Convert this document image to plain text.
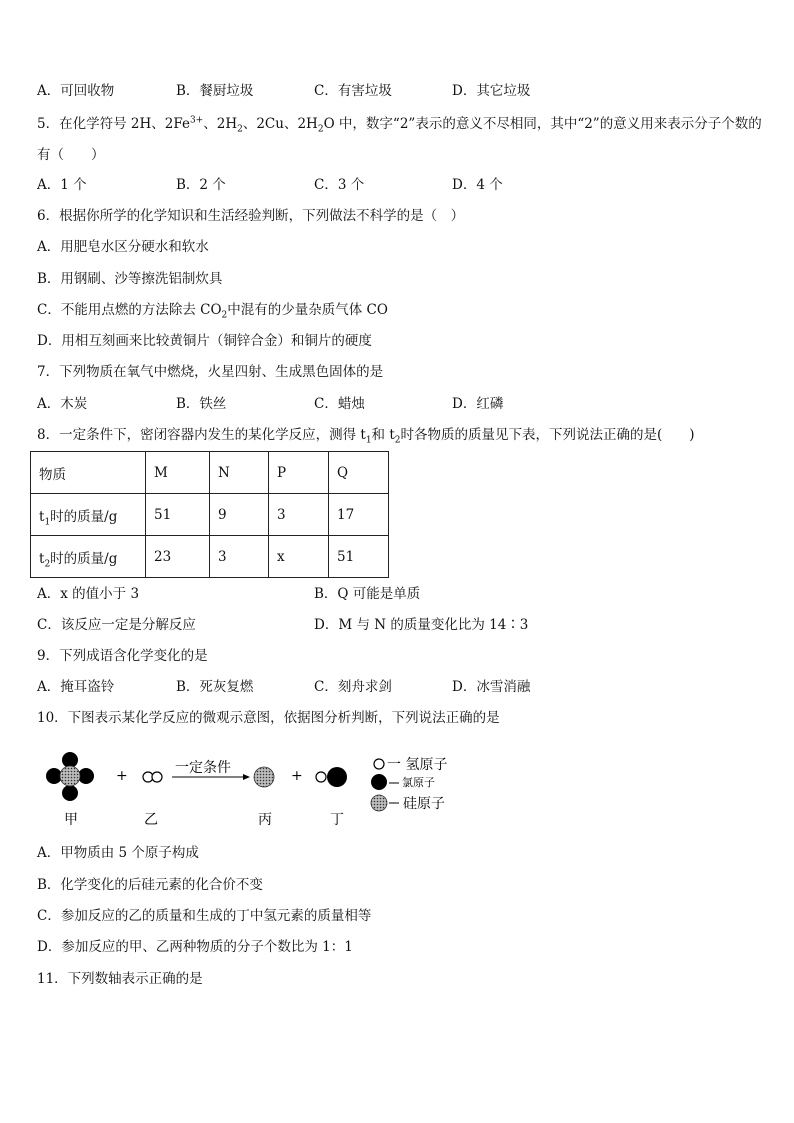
A．可回收物	B．餐厨垃圾	C．有害垃圾	D．其它垃圾
5．在化学符号 2H、$2Fe^{3+}$、$2H_2$、2Cu、$2H_2O$ 中，数字“2”表示的意义不尽相同，其中“2”的意义用来表示分子个数的
有（　　）
A．1 个	B．2 个	C．3 个	D．4 个
6．根据你所学的化学知识和生活经验判断，下列做法不科学的是（　）
A．用肥皂水区分硬水和软水
B．用钢刷、沙等擦洗铝制炊具
C．不能用点燃的方法除去 $CO_2$中混有的少量杂质气体 CO
D．用相互刻画来比较黄铜片（铜锌合金）和铜片的硬度
7．下列物质在氧气中燃烧，火星四射、生成黑色固体的是
A．木炭	B．铁丝	C．蜡烛	D．红磷
8．一定条件下，密闭容器内发生的某化学反应，测得 $t_1$和 $t_2$时各物质的质量见下表，下列说法正确的是(　　)
物质	M	N	P	Q
$t_1$时的质量/g	51	9	3	17
$t_2$时的质量/g	23	3	x	51
A．x 的值小于 3	B．Q 可能是单质
C．该反应一定是分解反应	D．M 与 N 的质量变化比为 14∶3
9．下列成语含化学变化的是
A．掩耳盗铃	B．死灰复燃	C．刻舟求剑	D．冰雪消融
10．下图表示某化学反应的微观示意图，依据图分析判断，下列说法正确的是
+	一定条件	+
甲	乙	丙	丁
一 氢原子
氯原子
硅原子
A．甲物质由 5 个原子构成
B．化学变化的后硅元素的化合价不变
C．参加反应的乙的质量和生成的丁中氢元素的质量相等
D．参加反应的甲、乙两种物质的分子个数比为 1：1
11．下列数轴表示正确的是
